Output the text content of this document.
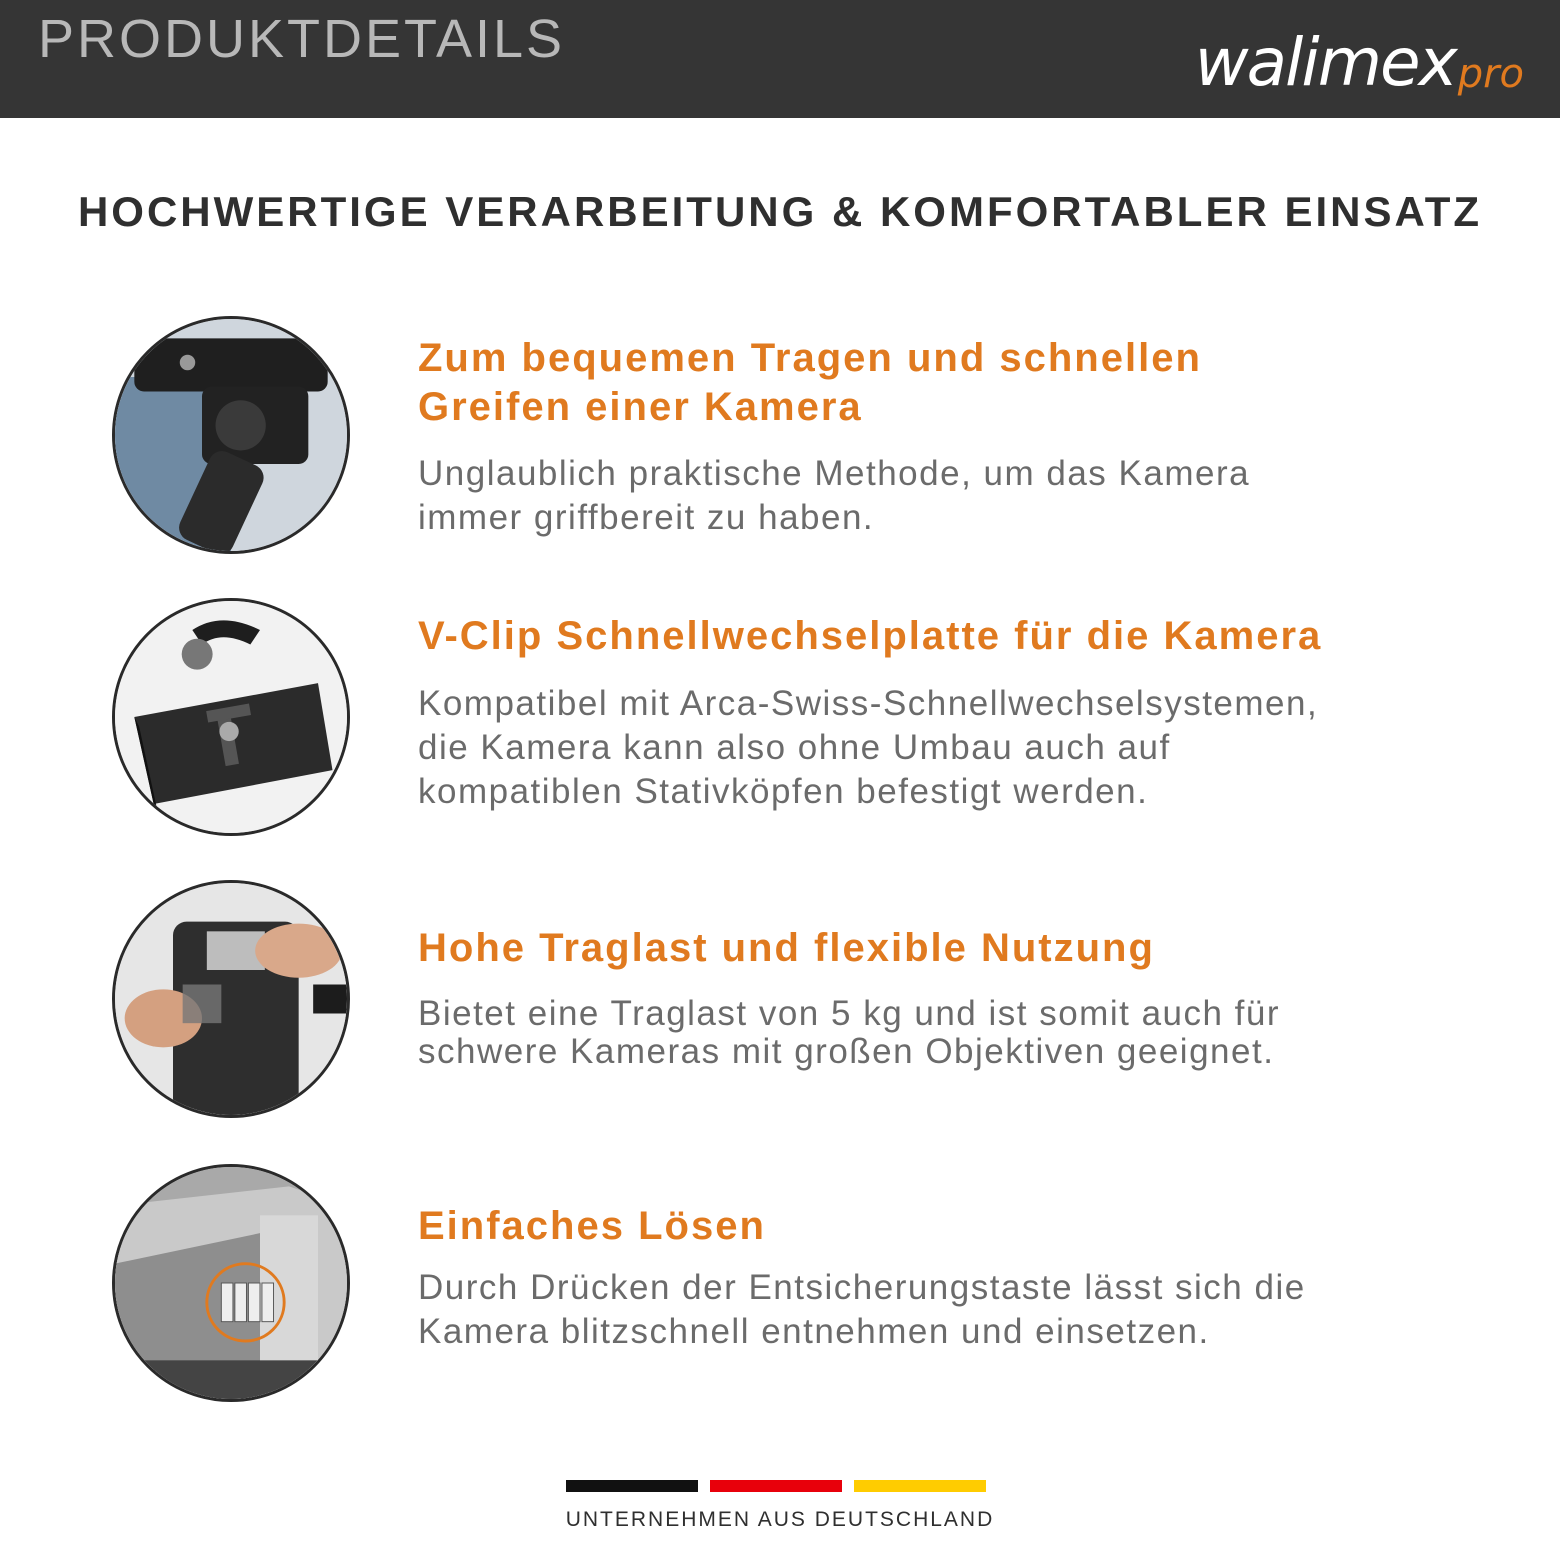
PRODUKTDETAILS	walimex pro
HOCHWERTIGE VERARBEITUNG & KOMFORTABLER EINSATZ
Zum bequemen Tragen und schnellen
Greifen einer Kamera
Unglaublich praktische Methode, um das Kamera
immer griffbereit zu haben.
V-Clip Schnellwechselplatte für die Kamera
Kompatibel mit Arca-Swiss-Schnellwechselsystemen,
die Kamera kann also ohne Umbau auch auf
kompatiblen Stativköpfen befestigt werden.
Hohe Traglast und flexible Nutzung
Bietet eine Traglast von 5 kg und ist somit auch für
schwere Kameras mit großen Objektiven geeignet.
Einfaches Lösen
Durch Drücken der Entsicherungstaste lässt sich die
Kamera blitzschnell entnehmen und einsetzen.
UNTERNEHMEN AUS DEUTSCHLAND
